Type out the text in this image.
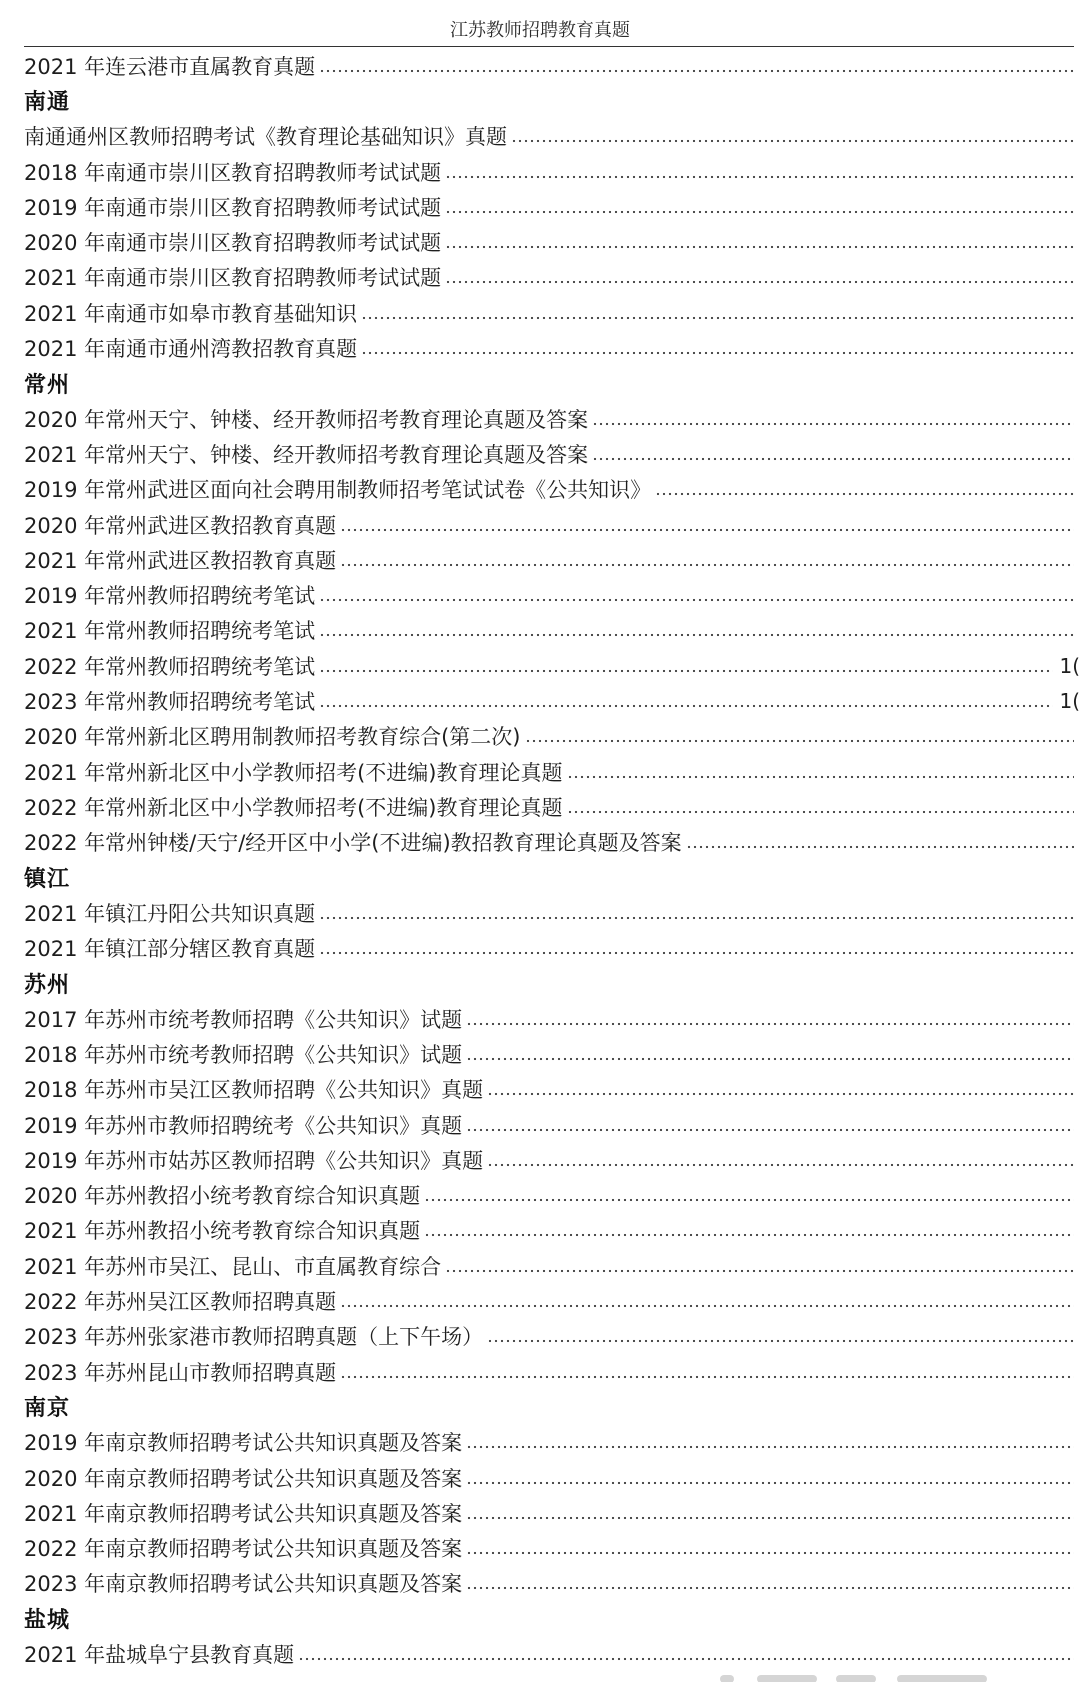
江苏教师招聘教育真题
2021 年连云港市直属教育真题
南通
南通通州区教师招聘考试《教育理论基础知识》真题
2018 年南通市崇川区教育招聘教师考试试题
2019 年南通市崇川区教育招聘教师考试试题
2020 年南通市崇川区教育招聘教师考试试题
2021 年南通市崇川区教育招聘教师考试试题
2021 年南通市如皋市教育基础知识
2021 年南通市通州湾教招教育真题
常州
2020 年常州天宁、钟楼、经开教师招考教育理论真题及答案
2021 年常州天宁、钟楼、经开教师招考教育理论真题及答案
2019 年常州武进区面向社会聘用制教师招考笔试试卷《公共知识》
2020 年常州武进区教招教育真题
2021 年常州武进区教招教育真题
2019 年常州教师招聘统考笔试
2021 年常州教师招聘统考笔试
2022 年常州教师招聘统考笔试	1(
2023 年常州教师招聘统考笔试	1(
2020 年常州新北区聘用制教师招考教育综合(第二次)
2021 年常州新北区中小学教师招考(不进编)教育理论真题
2022 年常州新北区中小学教师招考(不进编)教育理论真题
2022 年常州钟楼/天宁/经开区中小学(不进编)教招教育理论真题及答案
镇江
2021 年镇江丹阳公共知识真题
2021 年镇江部分辖区教育真题
苏州
2017 年苏州市统考教师招聘《公共知识》试题
2018 年苏州市统考教师招聘《公共知识》试题
2018 年苏州市吴江区教师招聘《公共知识》真题
2019 年苏州市教师招聘统考《公共知识》真题
2019 年苏州市姑苏区教师招聘《公共知识》真题
2020 年苏州教招小统考教育综合知识真题
2021 年苏州教招小统考教育综合知识真题
2021 年苏州市吴江、昆山、市直属教育综合
2022 年苏州吴江区教师招聘真题
2023 年苏州张家港市教师招聘真题（上下午场）
2023 年苏州昆山市教师招聘真题
南京
2019 年南京教师招聘考试公共知识真题及答案
2020 年南京教师招聘考试公共知识真题及答案
2021 年南京教师招聘考试公共知识真题及答案
2022 年南京教师招聘考试公共知识真题及答案
2023 年南京教师招聘考试公共知识真题及答案
盐城
2021 年盐城阜宁县教育真题
